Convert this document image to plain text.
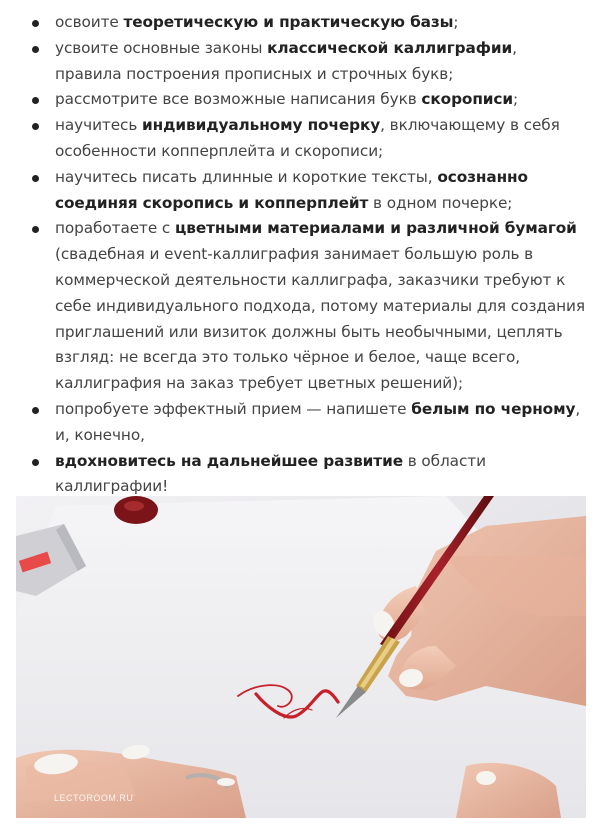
освоите теоретическую и практическую базы;
усвоите основные законы классической каллиграфии, правила построения прописных и строчных букв;
рассмотрите все возможные написания букв скорописи;
научитесь индивидуальному почерку, включающему в себя особенности копперплейта и скорописи;
научитесь писать длинные и короткие тексты, осознанно соединяя скоропись и копперплейт в одном почерке;
поработаете с цветными материалами и различной бумагой (свадебная и event-каллиграфия занимает большую роль в коммерческой деятельности каллиграфа, заказчики требуют к себе индивидуального подхода, потому материалы для создания приглашений или визиток должны быть необычными, цеплять взгляд: не всегда это только чёрное и белое, чаще всего, каллиграфия на заказ требует цветных решений);
попробуете эффектный прием — напишете белым по черному, и, конечно,
вдохновитесь на дальнейшее развитие в области каллиграфии!
LECTOROOM.RU
